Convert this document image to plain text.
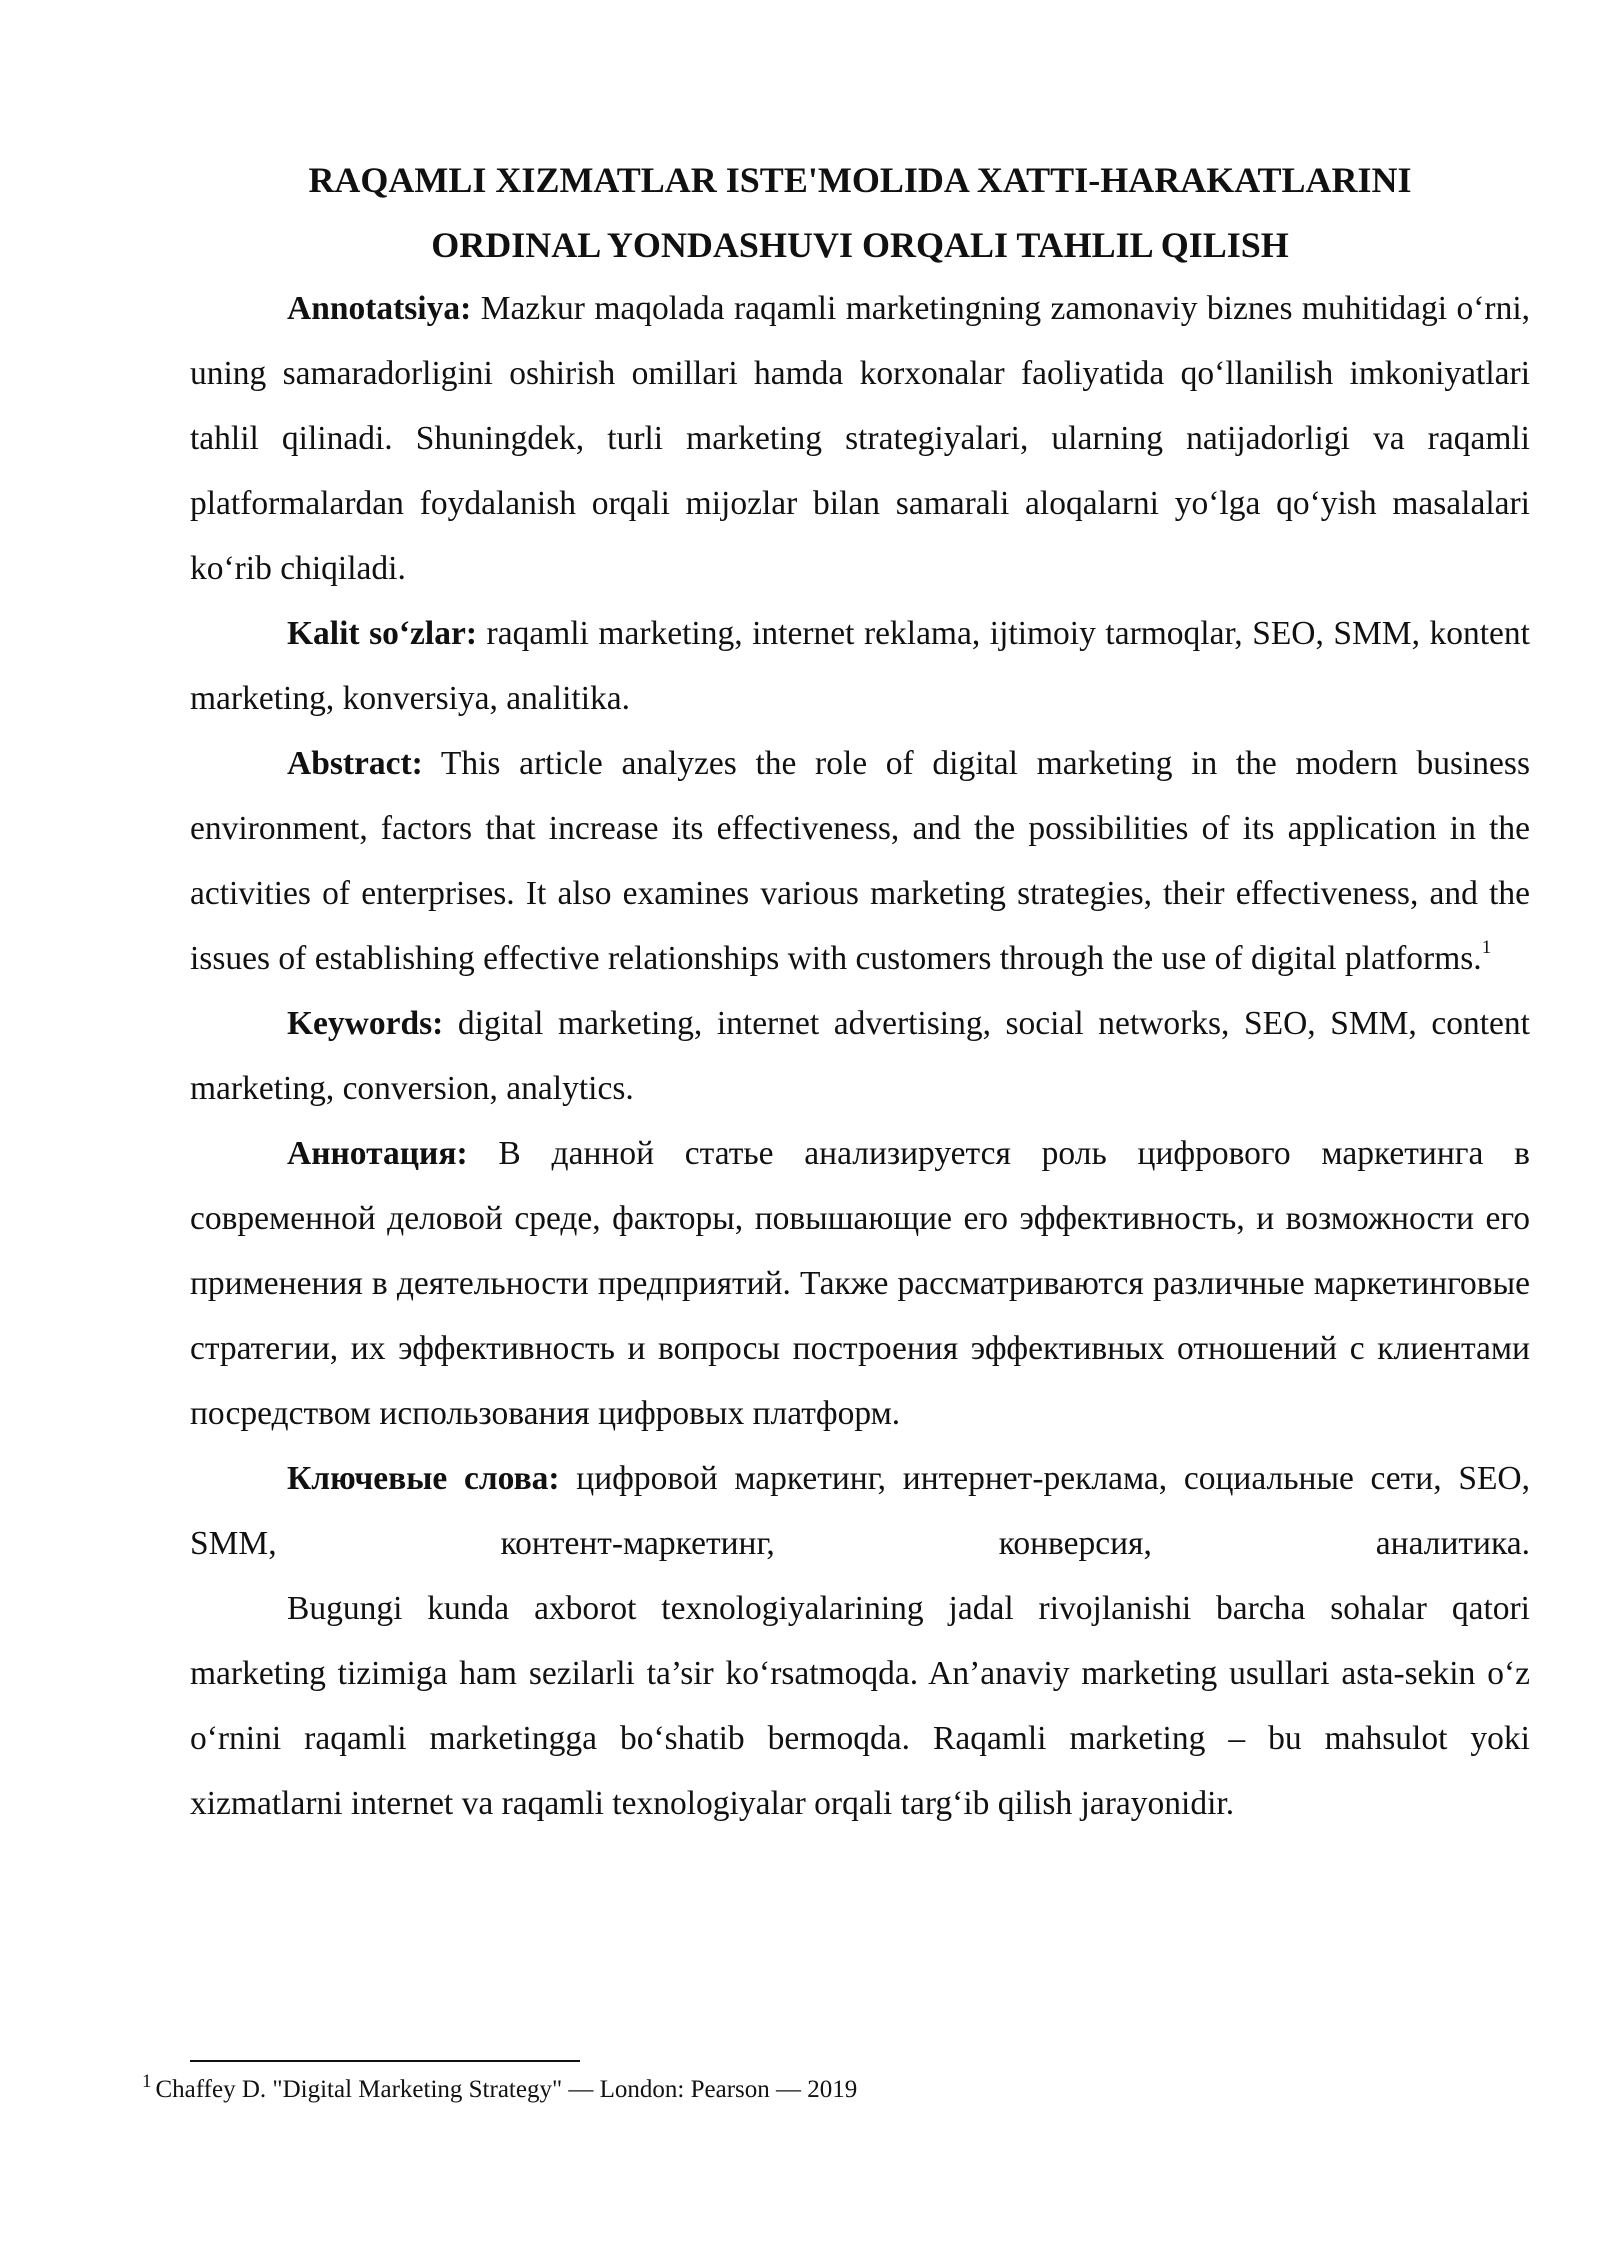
RAQAMLI XIZMATLAR ISTE'MOLIDA XATTI-HARAKATLARINI
ORDINAL YONDASHUVI ORQALI TAHLIL QILISH

Annotatsiya: Mazkur maqolada raqamli marketingning zamonaviy biznes muhitidagi o‘rni, uning samaradorligini oshirish omillari hamda korxonalar faoliyatida qo‘llanilish imkoniyatlari tahlil qilinadi. Shuningdek, turli marketing strategiyalari, ularning natijadorligi va raqamli platformalardan foydalanish orqali mijozlar bilan samarali aloqalarni yo‘lga qo‘yish masalalari ko‘rib chiqiladi.

Kalit so‘zlar: raqamli marketing, internet reklama, ijtimoiy tarmoqlar, SEO, SMM, kontent marketing, konversiya, analitika.

Abstract: This article analyzes the role of digital marketing in the modern business environment, factors that increase its effectiveness, and the possibilities of its application in the activities of enterprises. It also examines various marketing strategies, their effectiveness, and the issues of establishing effective relationships with customers through the use of digital platforms.$^1$

Keywords: digital marketing, internet advertising, social networks, SEO, SMM, content marketing, conversion, analytics.

Аннотация: В данной статье анализируется роль цифрового маркетинга в современной деловой среде, факторы, повышающие его эффективность, и возможности его применения в деятельности предприятий. Также рассматриваются различные маркетинговые стратегии, их эффективность и вопросы построения эффективных отношений с клиентами посредством использования цифровых платформ.

Ключевые слова: цифровой маркетинг, интернет-реклама, социальные сети, SEO, SMM, контент-маркетинг, конверсия, аналитика.

Bugungi kunda axborot texnologiyalarining jadal rivojlanishi barcha sohalar qatori marketing tizimiga ham sezilarli ta’sir ko‘rsatmoqda. An’anaviy marketing usullari asta-sekin o‘z o‘rnini raqamli marketingga bo‘shatib bermoqda. Raqamli marketing – bu mahsulot yoki xizmatlarni internet va raqamli texnologiyalar orqali targ‘ib qilish jarayonidir.

$^1$ Chaffey D. "Digital Marketing Strategy" — London: Pearson — 2019
